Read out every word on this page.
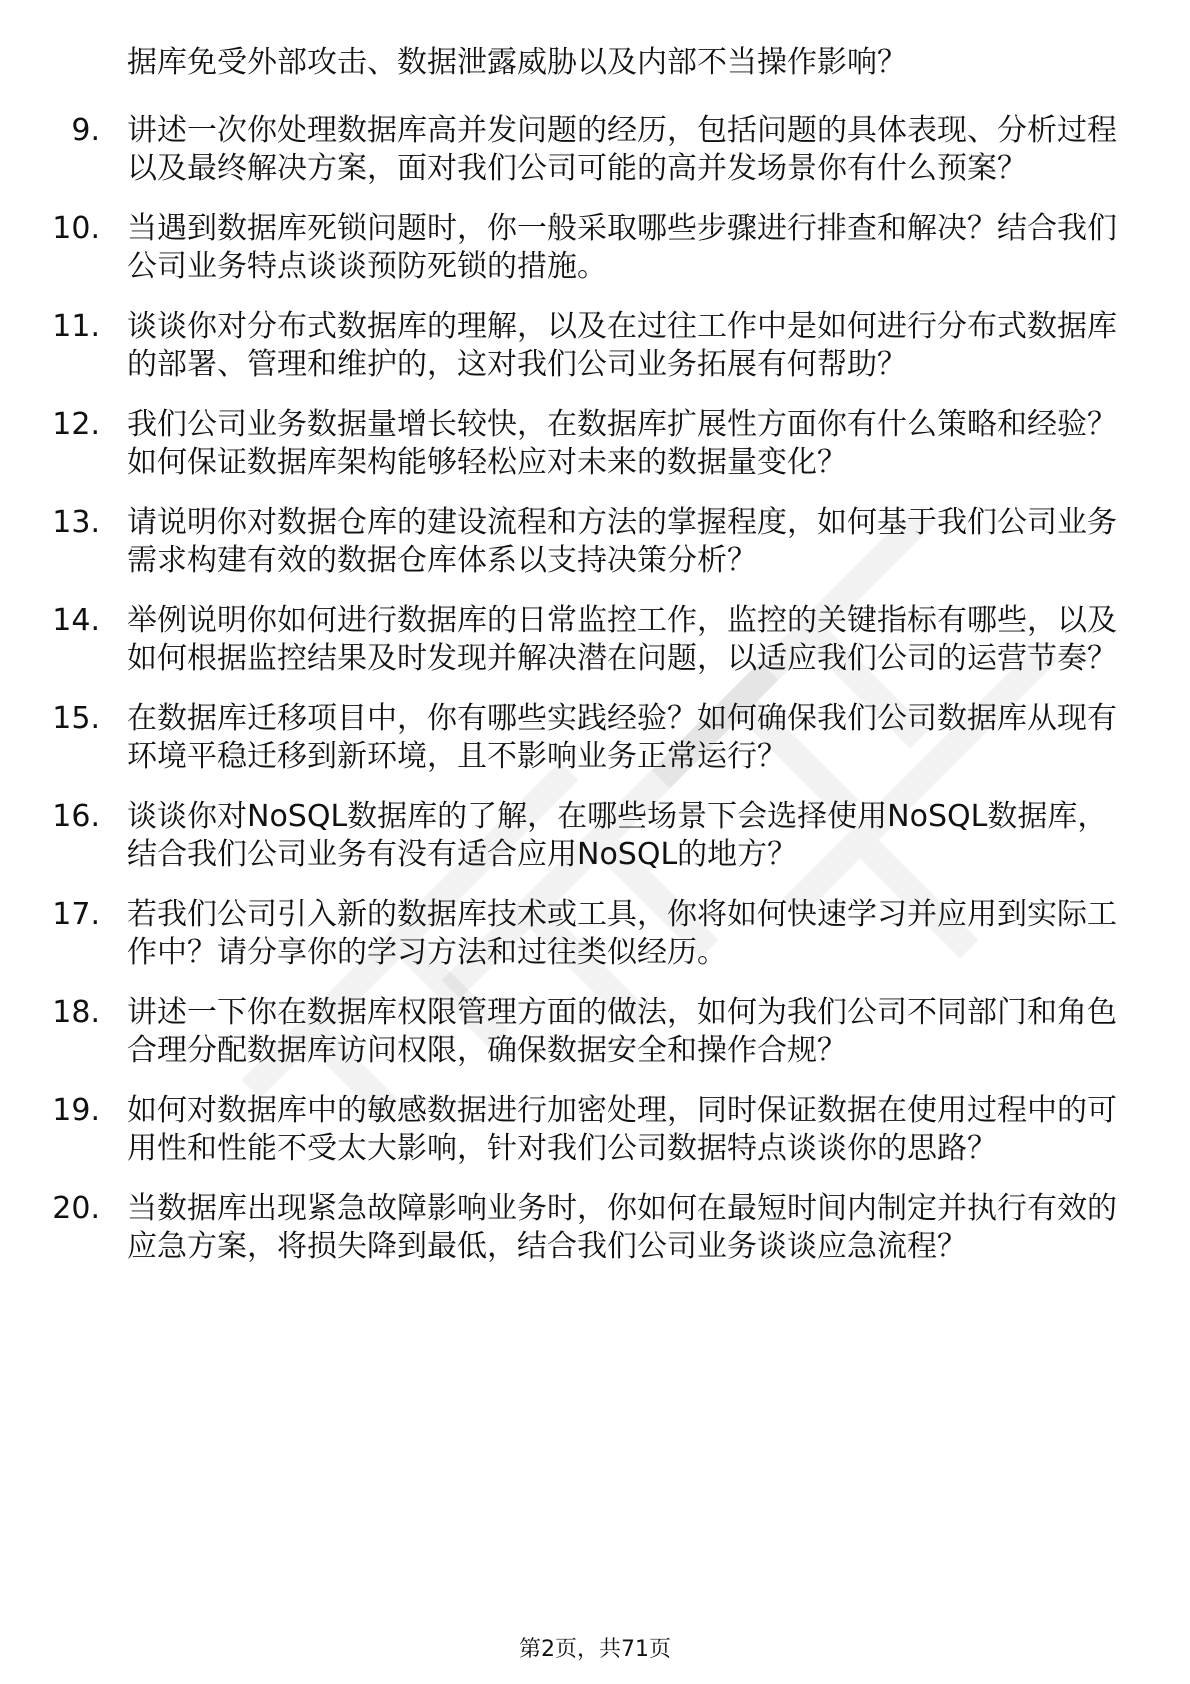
据库免受外部攻击、数据泄露威胁以及内部不当操作影响？

9. 讲述一次你处理数据库高并发问题的经历，包括问题的具体表现、分析过程以及最终解决方案，面对我们公司可能的高并发场景你有什么预案？
10. 当遇到数据库死锁问题时，你一般采取哪些步骤进行排查和解决？结合我们公司业务特点谈谈预防死锁的措施。
11. 谈谈你对分布式数据库的理解，以及在过往工作中是如何进行分布式数据库的部署、管理和维护的，这对我们公司业务拓展有何帮助？
12. 我们公司业务数据量增长较快，在数据库扩展性方面你有什么策略和经验？如何保证数据库架构能够轻松应对未来的数据量变化？
13. 请说明你对数据仓库的建设流程和方法的掌握程度，如何基于我们公司业务需求构建有效的数据仓库体系以支持决策分析？
14. 举例说明你如何进行数据库的日常监控工作，监控的关键指标有哪些，以及如何根据监控结果及时发现并解决潜在问题，以适应我们公司的运营节奏？
15. 在数据库迁移项目中，你有哪些实践经验？如何确保我们公司数据库从现有环境平稳迁移到新环境，且不影响业务正常运行？
16. 谈谈你对NoSQL数据库的了解，在哪些场景下会选择使用NoSQL数据库，结合我们公司业务有没有适合应用NoSQL的地方？
17. 若我们公司引入新的数据库技术或工具，你将如何快速学习并应用到实际工作中？请分享你的学习方法和过往类似经历。
18. 讲述一下你在数据库权限管理方面的做法，如何为我们公司不同部门和角色合理分配数据库访问权限，确保数据安全和操作合规？
19. 如何对数据库中的敏感数据进行加密处理，同时保证数据在使用过程中的可用性和性能不受太大影响，针对我们公司数据特点谈谈你的思路？
20. 当数据库出现紧急故障影响业务时，你如何在最短时间内制定并执行有效的应急方案，将损失降到最低，结合我们公司业务谈谈应急流程？
第2页，共71页
